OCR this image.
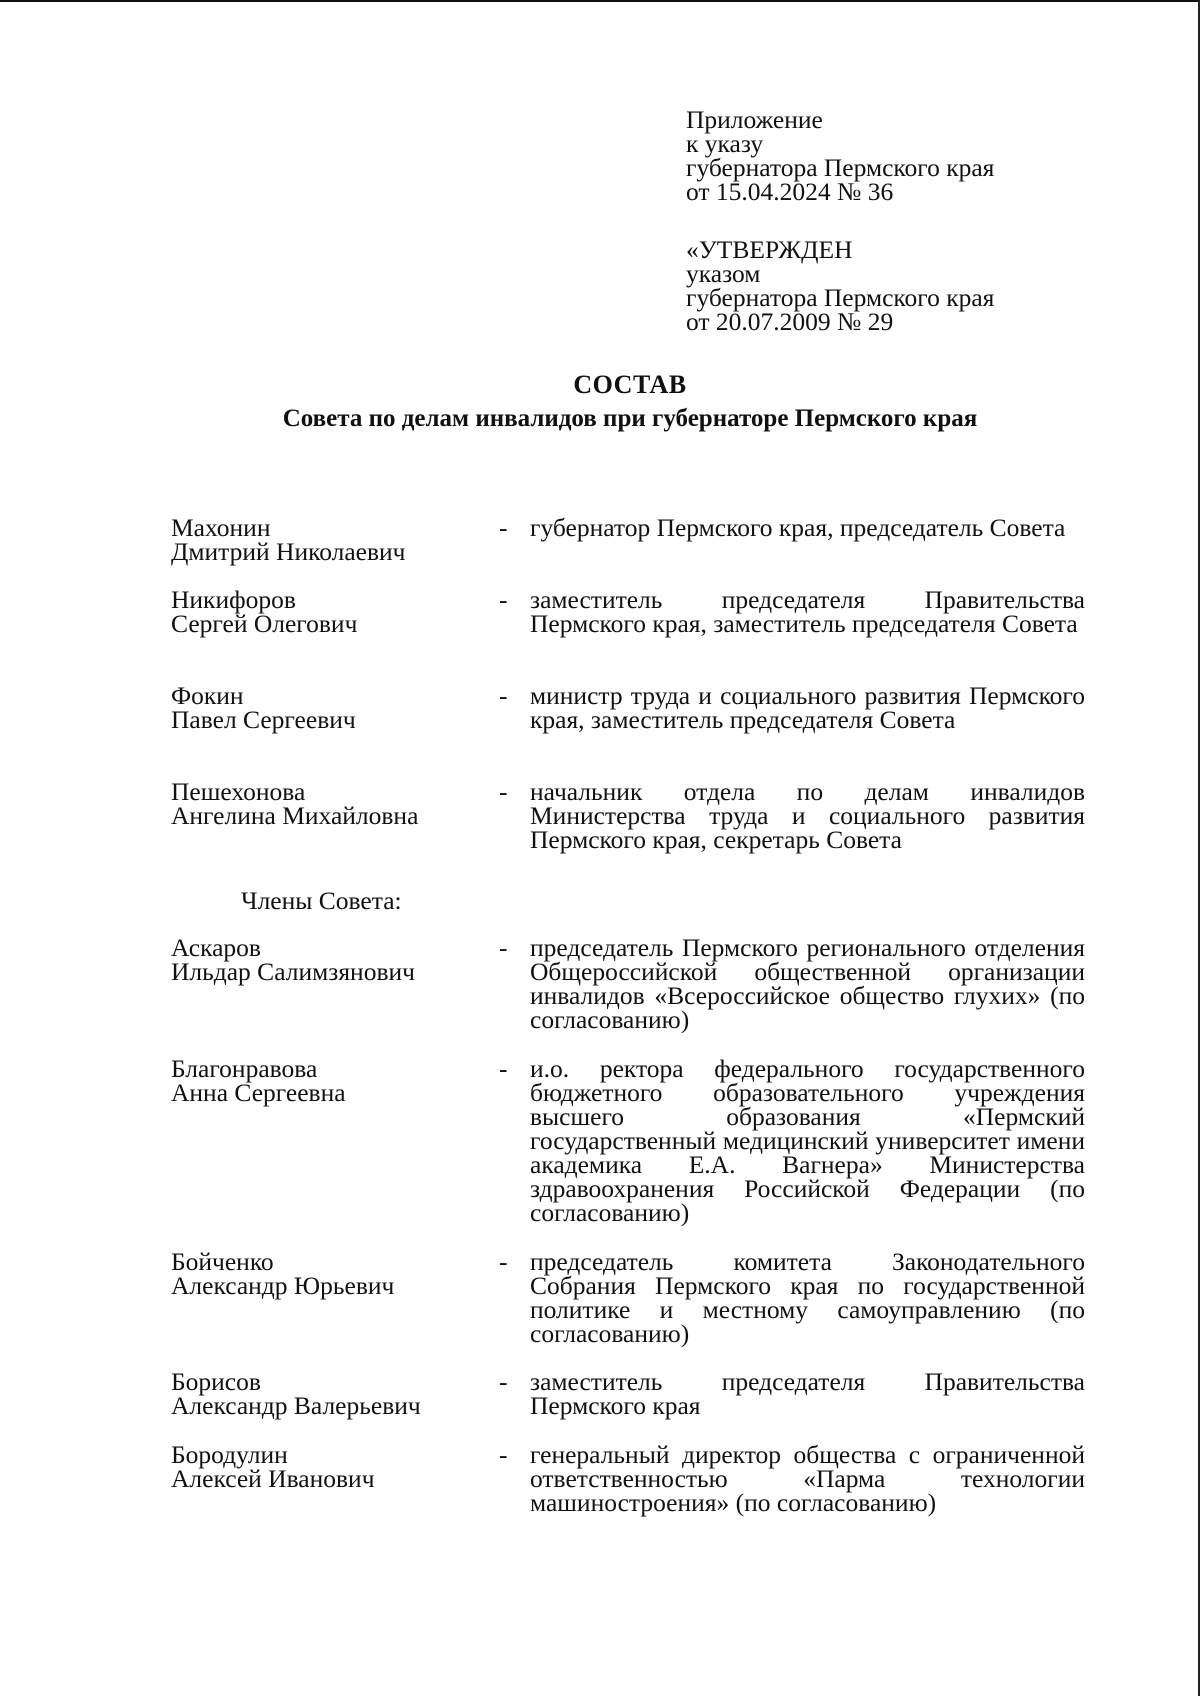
Приложение
к указу
губернатора Пермского края
от 15.04.2024 № 36
«УТВЕРЖДЕН
указом
губернатора Пермского края
от 20.07.2009 № 29
СОСТАВ
Совета по делам инвалидов при губернаторе Пермского края
Махонин
Дмитрий Николаевич
- губернатор Пермского края, председатель Совета
Никифоров
Сергей Олегович
- заместитель председателя Правительства Пермского края, заместитель председателя Совета
Фокин
Павел Сергеевич
- министр труда и социального развития Пермского края, заместитель председателя Совета
Пешехонова
Ангелина Михайловна
- начальник отдела по делам инвалидов Министерства труда и социального развития Пермского края, секретарь Совета
Члены Совета:
Аскаров
Ильдар Салимзянович
- председатель Пермского регионального отделения Общероссийской общественной организации инвалидов «Всероссийское общество глухих» (по согласованию)
Благонравова
Анна Сергеевна
- и.о. ректора федерального государственного бюджетного образовательного учреждения высшего образования «Пермский государственный медицинский университет имени академика Е.А. Вагнера» Министерства здравоохранения Российской Федерации (по согласованию)
Бойченко
Александр Юрьевич
- председатель комитета Законодательного Собрания Пермского края по государственной политике и местному самоуправлению (по согласованию)
Борисов
Александр Валерьевич
- заместитель председателя Правительства Пермского края
Бородулин
Алексей Иванович
- генеральный директор общества с ограниченной ответственностью «Парма технологии машиностроения» (по согласованию)
